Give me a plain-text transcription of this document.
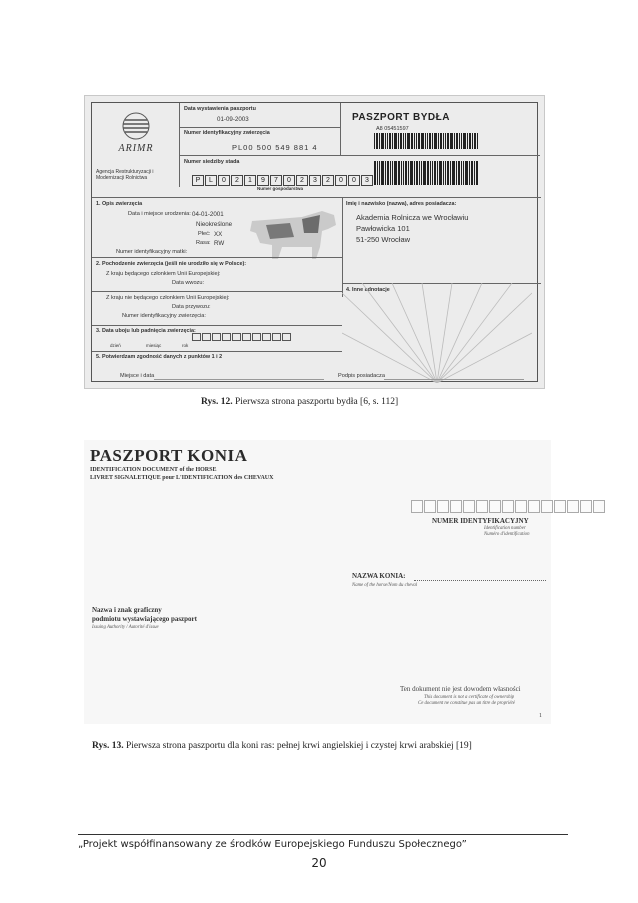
ARIMR
Agencja Restrukturyzacji i Modernizacji Rolnictwa
Data wystawienia paszportu
01-09-2003
Numer identyfikacyjny zwierzęcia
PL00 500 549 881 4
Numer siedziby stada
P	L	0	2	1	9	7	0	2	3	2	0	0	3
Numer gospodarstwa
PASZPORT BYDŁA
A8 05451597
1. Opis zwierzęcia
Data i miejsce urodzenia: 04-01-2001
Nieokreślone
Płeć: XX
Rasa: RW
Numer identyfikacyjny matki:
Imię i nazwisko (nazwa), adres posiadacza:
Akademia Rolnicza we Wrocławiu
Pawłowicka 101
51-250 Wrocław
2. Pochodzenie zwierzęcia (jeśli nie urodziło się w Polsce):
Z kraju będącego członkiem Unii Europejskiej:
Data wwozu:
Z kraju nie będącego członkiem Unii Europejskiej:
Data przywozu:
Numer identyfikacyjny zwierzęcia:
4. Inne adnotacje
3. Data uboju lub padnięcia zwierzęcia:
dzień	miesiąc	rok
5. Potwierdzam zgodność danych z punktów 1 i 2
Miejsce i data	Podpis posiadacza
Rys. 12. Pierwsza strona paszportu bydła [6, s. 112]
PASZPORT KONIA
IDENTIFICATION DOCUMENT of the HORSE
LIVRET SIGNALETIQUE pour L'IDENTIFICATION des CHEVAUX
NUMER IDENTYFIKACYJNY
Identification number
Numéro d'identification
NAZWA KONIA:
Name of the horse/Nom du cheval
Nazwa i znak graficzny
podmiotu wystawiającego paszport
Issuing Authority / Autorité d'issue
Ten dokument nie jest dowodem własności
This document is not a certificate of ownership
Ce document ne constitue pas un titre de propriété
1
Rys. 13. Pierwsza strona paszportu dla koni ras: pełnej krwi angielskiej i czystej krwi arabskiej [19]
„Projekt współfinansowany ze środków Europejskiego Funduszu Społecznego”
20
